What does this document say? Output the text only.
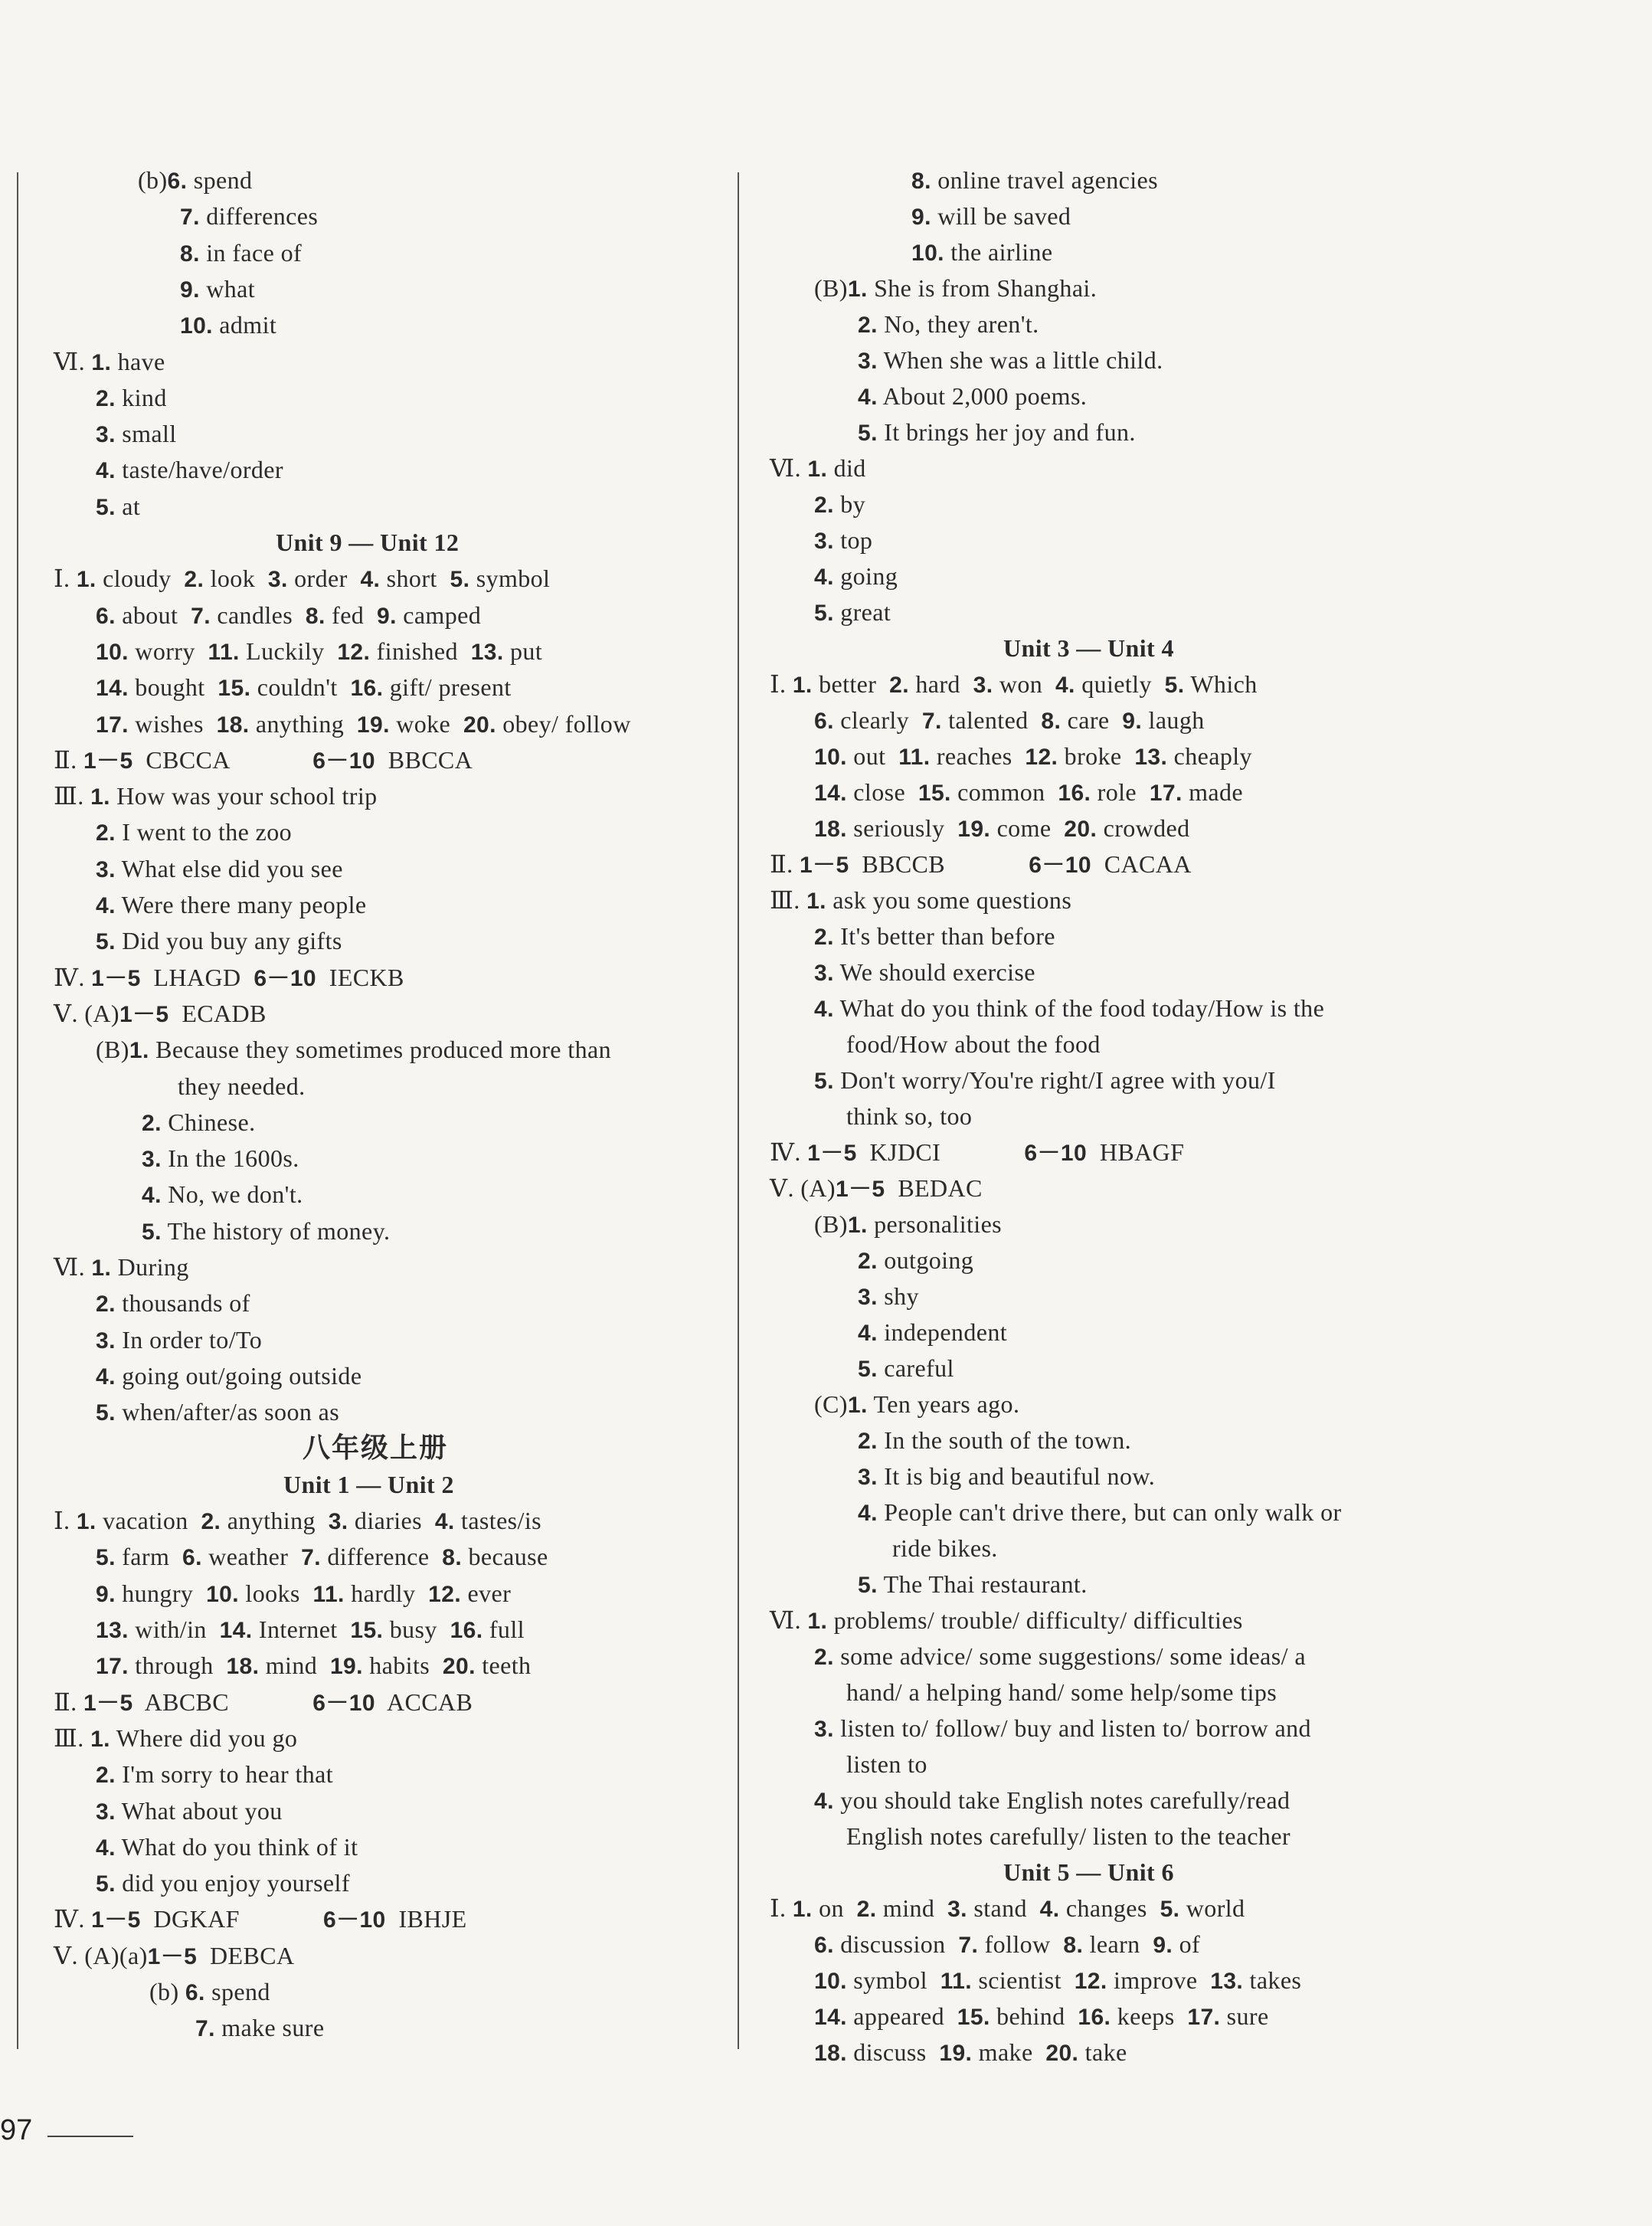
(b)6. spend
7. differences
8. in face of
9. what
10. admit
Ⅵ. 1. have
2. kind
3. small
4. taste/have/order
5. at
Unit 9 — Unit 12
Ⅰ. 1. cloudy  2. look  3. order  4. short  5. symbol
6. about  7. candles  8. fed  9. camped
10. worry  11. Luckily  12. finished  13. put
14. bought  15. couldn't  16. gift/ present
17. wishes  18. anything  19. woke  20. obey/ follow
Ⅱ. 1－5  CBCCA             6－10  BBCCA
Ⅲ. 1. How was your school trip
2. I went to the zoo
3. What else did you see
4. Were there many people
5. Did you buy any gifts
Ⅳ. 1－5  LHAGD  6－10  IECKB
Ⅴ. (A)1－5  ECADB
(B)1. Because they sometimes produced more than
they needed.
2. Chinese.
3. In the 1600s.
4. No, we don't.
5. The history of money.
Ⅵ. 1. During
2. thousands of
3. In order to/To
4. going out/going outside
5. when/after/as soon as
八年级上册
Unit 1 — Unit 2
Ⅰ. 1. vacation  2. anything  3. diaries  4. tastes/is
5. farm  6. weather  7. difference  8. because
9. hungry  10. looks  11. hardly  12. ever
13. with/in  14. Internet  15. busy  16. full
17. through  18. mind  19. habits  20. teeth
Ⅱ. 1－5  ABCBC             6－10  ACCAB
Ⅲ. 1. Where did you go
2. I'm sorry to hear that
3. What about you
4. What do you think of it
5. did you enjoy yourself
Ⅳ. 1－5  DGKAF             6－10  IBHJE
Ⅴ. (A)(a)1－5  DEBCA
(b) 6. spend
7. make sure
8. online travel agencies
9. will be saved
10. the airline
(B)1. She is from Shanghai.
2. No, they aren't.
3. When she was a little child.
4. About 2,000 poems.
5. It brings her joy and fun.
Ⅵ. 1. did
2. by
3. top
4. going
5. great
Unit 3 — Unit 4
Ⅰ. 1. better  2. hard  3. won  4. quietly  5. Which
6. clearly  7. talented  8. care  9. laugh
10. out  11. reaches  12. broke  13. cheaply
14. close  15. common  16. role  17. made
18. seriously  19. come  20. crowded
Ⅱ. 1－5  BBCCB             6－10  CACAA
Ⅲ. 1. ask you some questions
2. It's better than before
3. We should exercise
4. What do you think of the food today/How is the
food/How about the food
5. Don't worry/You're right/I agree with you/I
think so, too
Ⅳ. 1－5  KJDCI             6－10  HBAGF
Ⅴ. (A)1－5  BEDAC
(B)1. personalities
2. outgoing
3. shy
4. independent
5. careful
(C)1. Ten years ago.
2. In the south of the town.
3. It is big and beautiful now.
4. People can't drive there, but can only walk or
ride bikes.
5. The Thai restaurant.
Ⅵ. 1. problems/ trouble/ difficulty/ difficulties
2. some advice/ some suggestions/ some ideas/ a
hand/ a helping hand/ some help/some tips
3. listen to/ follow/ buy and listen to/ borrow and
listen to
4. you should take English notes carefully/read
English notes carefully/ listen to the teacher
Unit 5 — Unit 6
Ⅰ. 1. on  2. mind  3. stand  4. changes  5. world
6. discussion  7. follow  8. learn  9. of
10. symbol  11. scientist  12. improve  13. takes
14. appeared  15. behind  16. keeps  17. sure
18. discuss  19. make  20. take
97
